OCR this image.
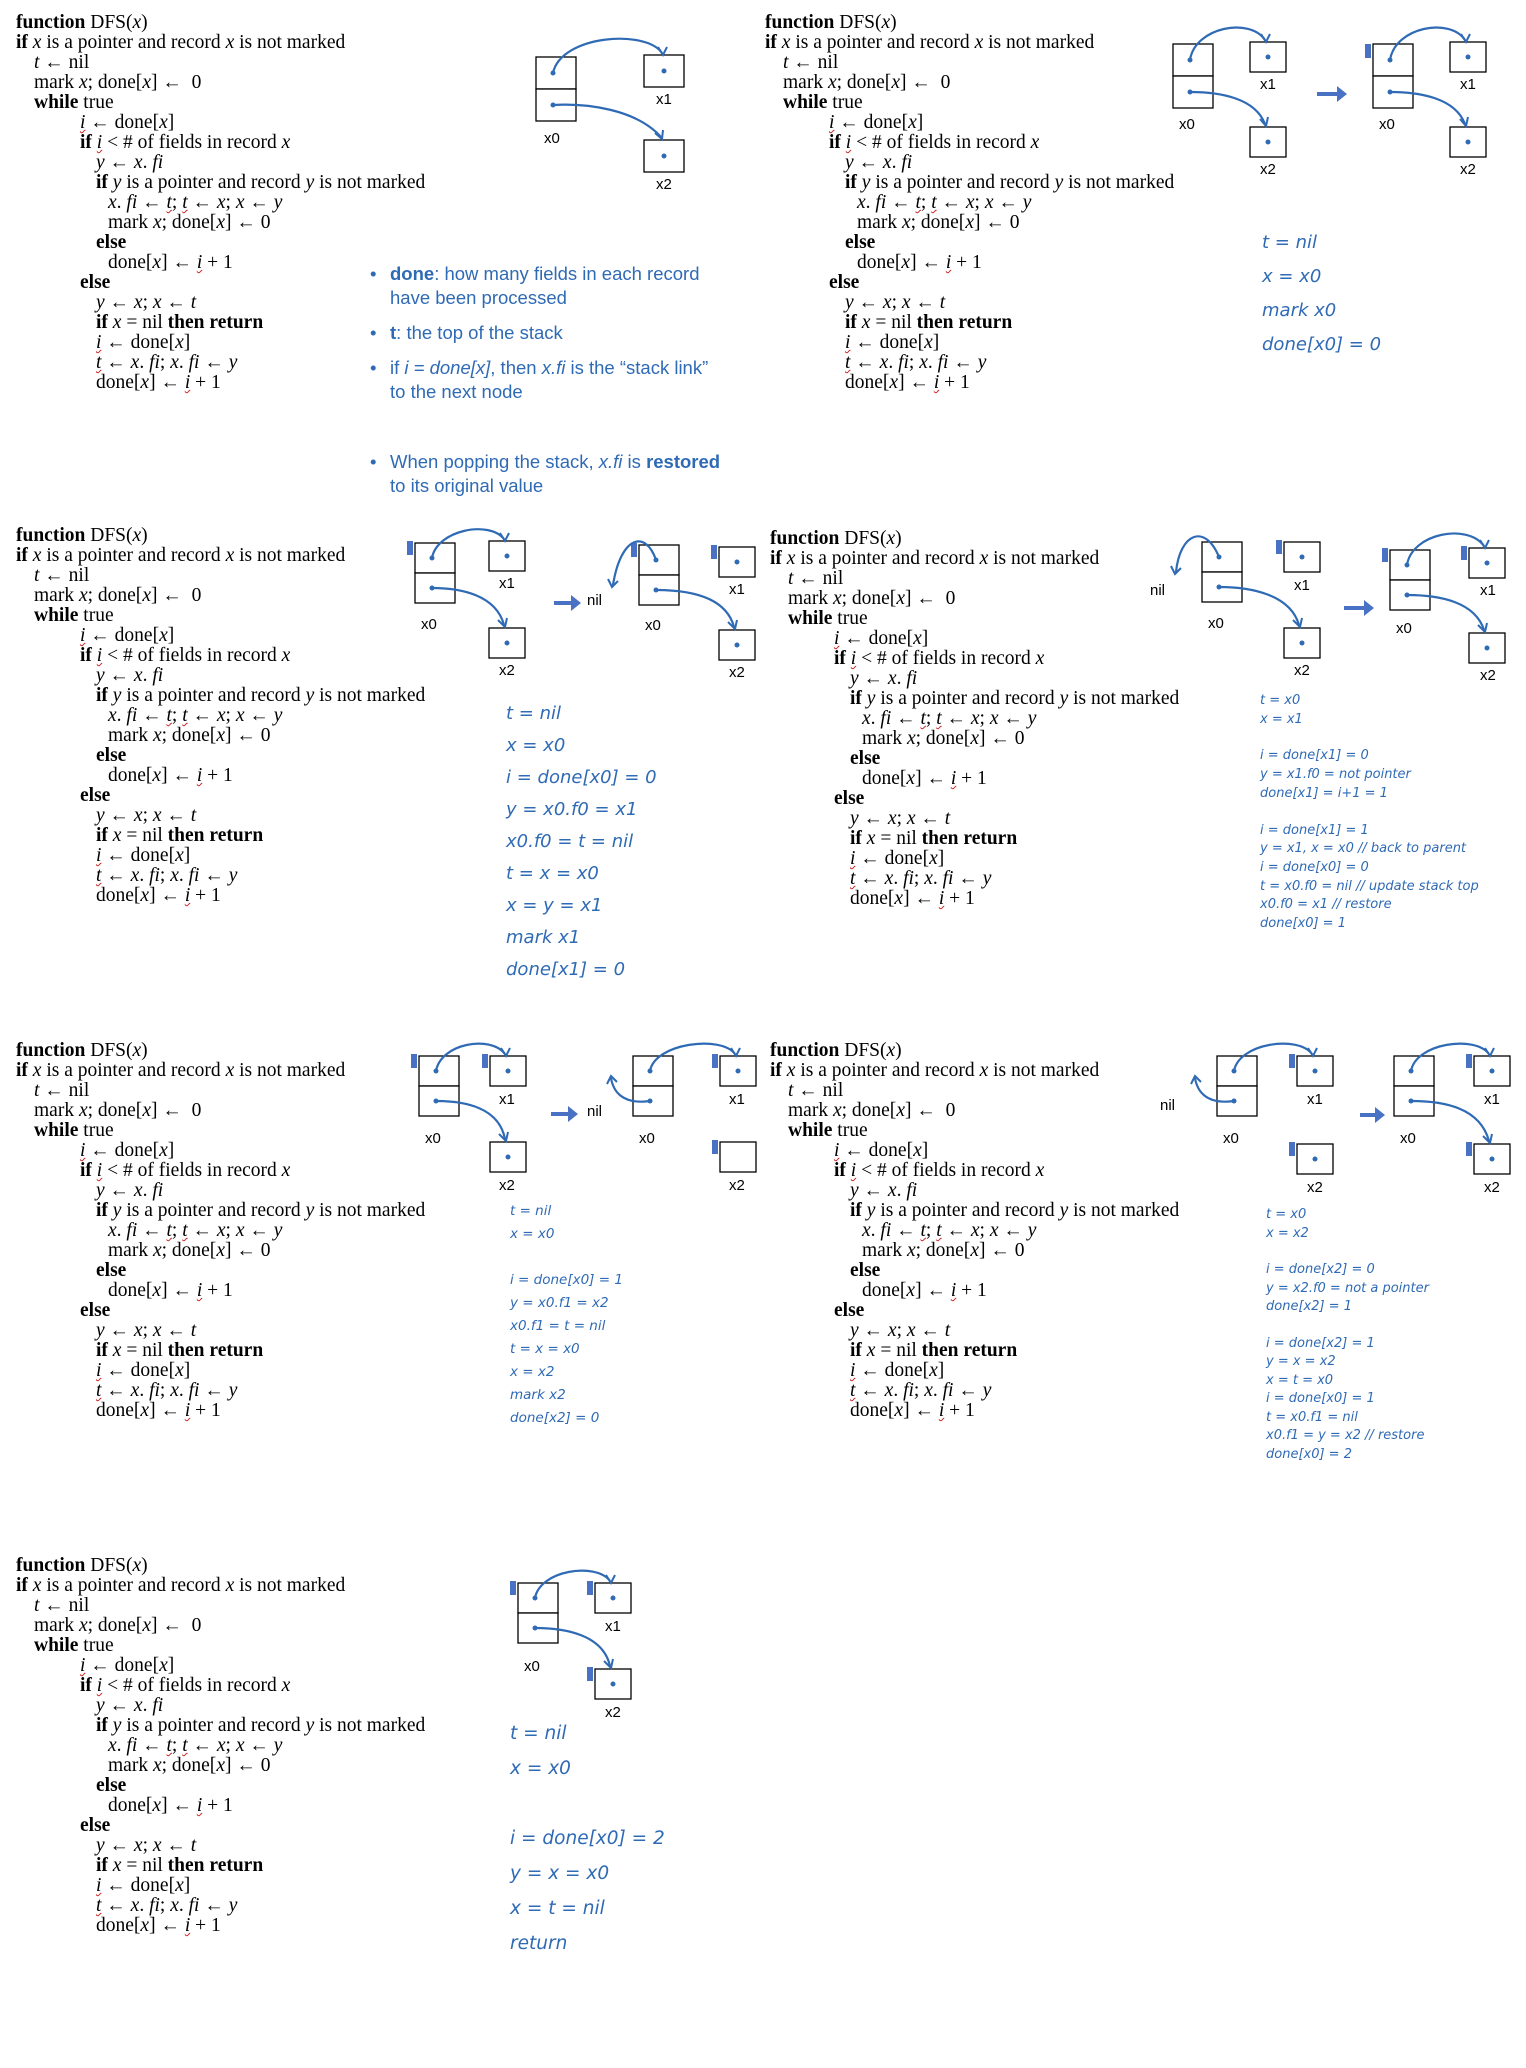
function DFS(x)
if x is a pointer and record x is not marked
t ← nil
mark x; done[x] ← 0
while true
i ← done[x]
if i < # of fields in record x
y ← x. fi
if y is a pointer and record y is not marked
x. fi ← t; t ← x; x ← y
mark x; done[x] ← 0
else
done[x] ← i + 1
else
y ← x; x ← t
if x = nil then return
i ← done[x]
t ← x. fi; x. fi ← y
done[x] ← i + 1
x0
x1
x2
• done: how many fields in each record
have been processed
• t: the top of the stack
• if i = done[x], then x.fi is the “stack link”
to the next node
• When popping the stack, x.fi is restored
to its original value
function DFS(x)
if x is a pointer and record x is not marked
t ← nil
mark x; done[x] ← 0
while true
i ← done[x]
if i < # of fields in record x
y ← x. fi
if y is a pointer and record y is not marked
x. fi ← t; t ← x; x ← y
mark x; done[x] ← 0
else
done[x] ← i + 1
else
y ← x; x ← t
if x = nil then return
i ← done[x]
t ← x. fi; x. fi ← y
done[x] ← i + 1
x0
x1
x2
x0
x1
x2
t = nil
x = x0
mark x0
done[x0] = 0
function DFS(x)
if x is a pointer and record x is not marked
t ← nil
mark x; done[x] ← 0
while true
i ← done[x]
if i < # of fields in record x
y ← x. fi
if y is a pointer and record y is not marked
x. fi ← t; t ← x; x ← y
mark x; done[x] ← 0
else
done[x] ← i + 1
else
y ← x; x ← t
if x = nil then return
i ← done[x]
t ← x. fi; x. fi ← y
done[x] ← i + 1
x0
x1
x2
nil
x0
x1
x2
t = nil
x = x0
i = done[x0] = 0
y = x0.f0 = x1
x0.f0 = t = nil
t = x = x0
x = y = x1
mark x1
done[x1] = 0
function DFS(x)
if x is a pointer and record x is not marked
t ← nil
mark x; done[x] ← 0
while true
i ← done[x]
if i < # of fields in record x
y ← x. fi
if y is a pointer and record y is not marked
x. fi ← t; t ← x; x ← y
mark x; done[x] ← 0
else
done[x] ← i + 1
else
y ← x; x ← t
if x = nil then return
i ← done[x]
t ← x. fi; x. fi ← y
done[x] ← i + 1
nil
x0
x1
x2
x0
x1
x2
t = x0
x = x1
i = done[x1] = 0
y = x1.f0 = not pointer
done[x1] = i+1 = 1
i = done[x1] = 1
y = x1, x = x0 // back to parent
i = done[x0] = 0
t = x0.f0 = nil // update stack top
x0.f0 = x1 // restore
done[x0] = 1
function DFS(x)
if x is a pointer and record x is not marked
t ← nil
mark x; done[x] ← 0
while true
i ← done[x]
if i < # of fields in record x
y ← x. fi
if y is a pointer and record y is not marked
x. fi ← t; t ← x; x ← y
mark x; done[x] ← 0
else
done[x] ← i + 1
else
y ← x; x ← t
if x = nil then return
i ← done[x]
t ← x. fi; x. fi ← y
done[x] ← i + 1
x0
x1
x2
nil
x0
x1
x2
t = nil
x = x0
i = done[x0] = 1
y = x0.f1 = x2
x0.f1 = t = nil
t = x = x0
x = x2
mark x2
done[x2] = 0
function DFS(x)
if x is a pointer and record x is not marked
t ← nil
mark x; done[x] ← 0
while true
i ← done[x]
if i < # of fields in record x
y ← x. fi
if y is a pointer and record y is not marked
x. fi ← t; t ← x; x ← y
mark x; done[x] ← 0
else
done[x] ← i + 1
else
y ← x; x ← t
if x = nil then return
i ← done[x]
t ← x. fi; x. fi ← y
done[x] ← i + 1
nil
x0
x1
x2
x0
x1
x2
t = x0
x = x2
i = done[x2] = 0
y = x2.f0 = not a pointer
done[x2] = 1
i = done[x2] = 1
y = x = x2
x = t = x0
i = done[x0] = 1
t = x0.f1 = nil
x0.f1 = y = x2 // restore
done[x0] = 2
function DFS(x)
if x is a pointer and record x is not marked
t ← nil
mark x; done[x] ← 0
while true
i ← done[x]
if i < # of fields in record x
y ← x. fi
if y is a pointer and record y is not marked
x. fi ← t; t ← x; x ← y
mark x; done[x] ← 0
else
done[x] ← i + 1
else
y ← x; x ← t
if x = nil then return
i ← done[x]
t ← x. fi; x. fi ← y
done[x] ← i + 1
x0
x1
x2
t = nil
x = x0
i = done[x0] = 2
y = x = x0
x = t = nil
return
